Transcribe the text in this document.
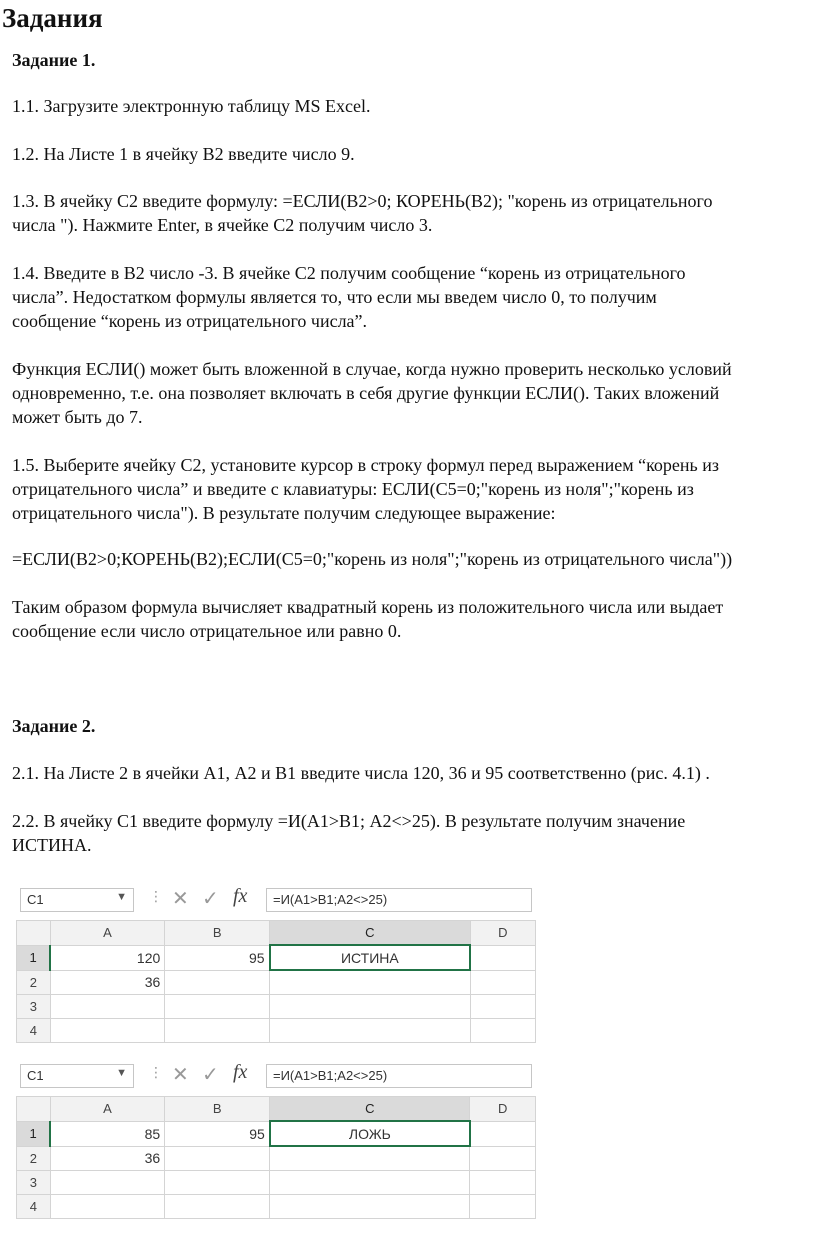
Задания
Задание 1.
1.1. Загрузите электронную таблицу MS Excel.
1.2. На Листе 1 в ячейку В2 введите число 9.
1.3. В ячейку С2 введите формулу: =ЕСЛИ(В2>0; КОРЕНЬ(В2); "корень из отрицательного
числа "). Нажмите Enter, в ячейке С2 получим число 3.
1.4. Введите в В2 число -3. В ячейке С2 получим сообщение “корень из отрицательного
числа”. Недостатком формулы является то, что если мы введем число 0, то получим
сообщение “корень из отрицательного числа”.
Функция ЕСЛИ() может быть вложенной в случае, когда нужно проверить несколько условий
одновременно, т.е. она позволяет включать в себя другие функции ЕСЛИ(). Таких вложений
может быть до 7.
1.5. Выберите ячейку С2, установите курсор в строку формул перед выражением “корень из
отрицательного числа” и введите с клавиатуры: ЕСЛИ(С5=0;"корень из ноля";"корень из
отрицательного числа"). В результате получим следующее выражение:
=ЕСЛИ(B2>0;КОРЕНЬ(B2);ЕСЛИ(С5=0;"корень из ноля";"корень из отрицательного числа"))
Таким образом формула вычисляет квадратный корень из положительного числа или выдает
сообщение если число отрицательное или равно 0.
Задание 2.
2.1. На Листе 2 в ячейки А1, А2 и В1 введите числа 120, 36 и 95 соответственно (рис. 4.1) .
2.2. В ячейку С1 введите формулу =И(А1>В1; А2<>25). В результате получим значение
ИСТИНА.
C1	▼ ⋮ ✕ ✓ fx =И(A1>B1;A2<>25)
	A	B	C	D
1	120	95	ИСТИНА	
2	36			
3				
4				
C1	▼ ⋮ ✕ ✓ fx =И(A1>B1;A2<>25)
	A	B	C	D
1	85	95	ЛОЖЬ	
2	36			
3				
4				
